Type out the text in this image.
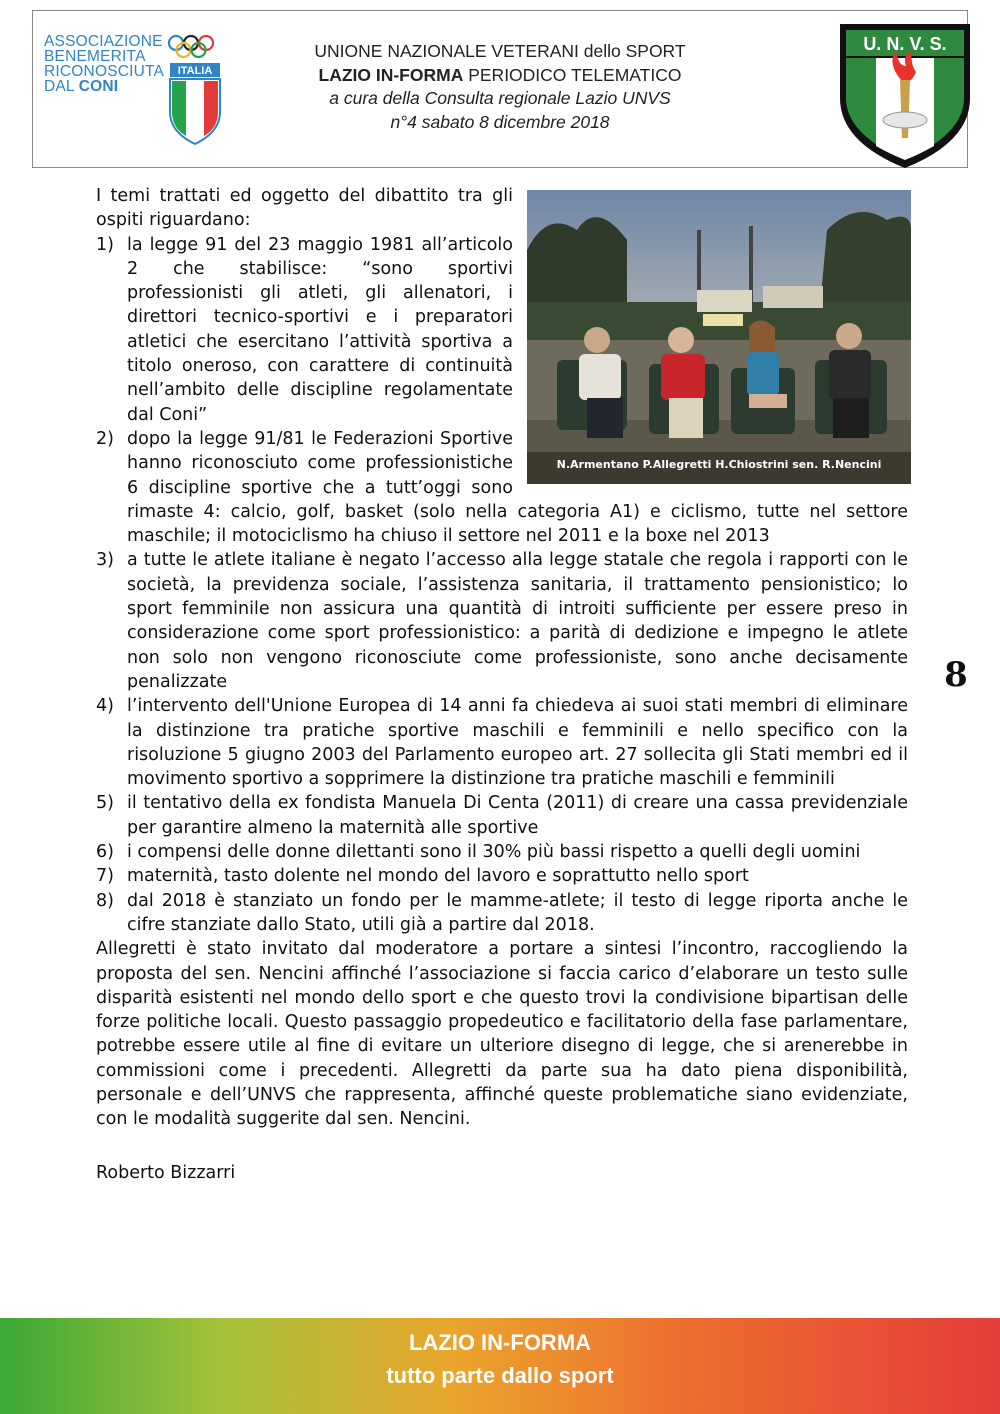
ASSOCIAZIONE
BENEMERITA
RICONOSCIUTA
DAL CONI
ITALIA
UNIONE NAZIONALE VETERANI dello SPORT
LAZIO IN-FORMA PERIODICO TELEMATICO
a cura della Consulta regionale Lazio UNVS
n°4 sabato 8 dicembre 2018
U. N. V. S.
N.Armentano P.Allegretti H.Chiostrini sen. R.Nencini

I temi trattati ed oggetto del dibattito tra gli ospiti riguardano:

1) la legge 91 del 23 maggio 1981 all’articolo 2 che stabilisce: “sono sportivi professionisti gli atleti, gli allenatori, i direttori tecnico-sportivi e i preparatori atletici che esercitano l’attività sportiva a titolo oneroso, con carattere di continuità nell’ambito delle discipline regolamentate dal Coni”
2) dopo la legge 91/81 le Federazioni Sportive hanno riconosciuto come professionistiche 6 discipline sportive che a tutt’oggi sono rimaste 4: calcio, golf, basket (solo nella categoria A1) e ciclismo, tutte nel settore maschile; il motociclismo ha chiuso il settore nel 2011 e la boxe nel 2013
3) a tutte le atlete italiane è negato l’accesso alla legge statale che regola i rapporti con le società, la previdenza sociale, l’assistenza sanitaria, il trattamento pensionistico; lo sport femminile non assicura una quantità di introiti sufficiente per essere preso in considerazione come sport professionistico: a parità di dedizione e impegno le atlete non solo non vengono riconosciute come professioniste, sono anche decisamente penalizzate
4) l’intervento dell'Unione Europea di 14 anni fa chiedeva ai suoi stati membri di eliminare la distinzione tra pratiche sportive maschili e femminili e nello specifico con la risoluzione 5 giugno 2003 del Parlamento europeo art. 27 sollecita gli Stati membri ed il movimento sportivo a sopprimere la distinzione tra pratiche maschili e femminili
5) il tentativo della ex fondista Manuela Di Centa (2011) di creare una cassa previdenziale per garantire almeno la maternità alle sportive
6) i compensi delle donne dilettanti sono il 30% più bassi rispetto a quelli degli uomini
7) maternità, tasto dolente nel mondo del lavoro e soprattutto nello sport
8) dal 2018 è stanziato un fondo per le mamme-atlete; il testo di legge riporta anche le cifre stanziate dallo Stato, utili già a partire dal 2018.

Allegretti è stato invitato dal moderatore a portare a sintesi l’incontro, raccogliendo la proposta del sen. Nencini affinché l’associazione si faccia carico d’elaborare un testo sulle disparità esistenti nel mondo dello sport e che questo trovi la condivisione bipartisan delle forze politiche locali. Questo passaggio propedeutico e facilitatorio della fase parlamentare, potrebbe essere utile al fine di evitare un ulteriore disegno di legge, che si arenerebbe in commissioni come i precedenti. Allegretti da parte sua ha dato piena disponibilità, personale e dell’UNVS che rappresenta, affinché queste problematiche siano evidenziate, con le modalità suggerite dal sen. Nencini.

Roberto Bizzarri

8
LAZIO IN-FORMA
tutto parte dallo sport
